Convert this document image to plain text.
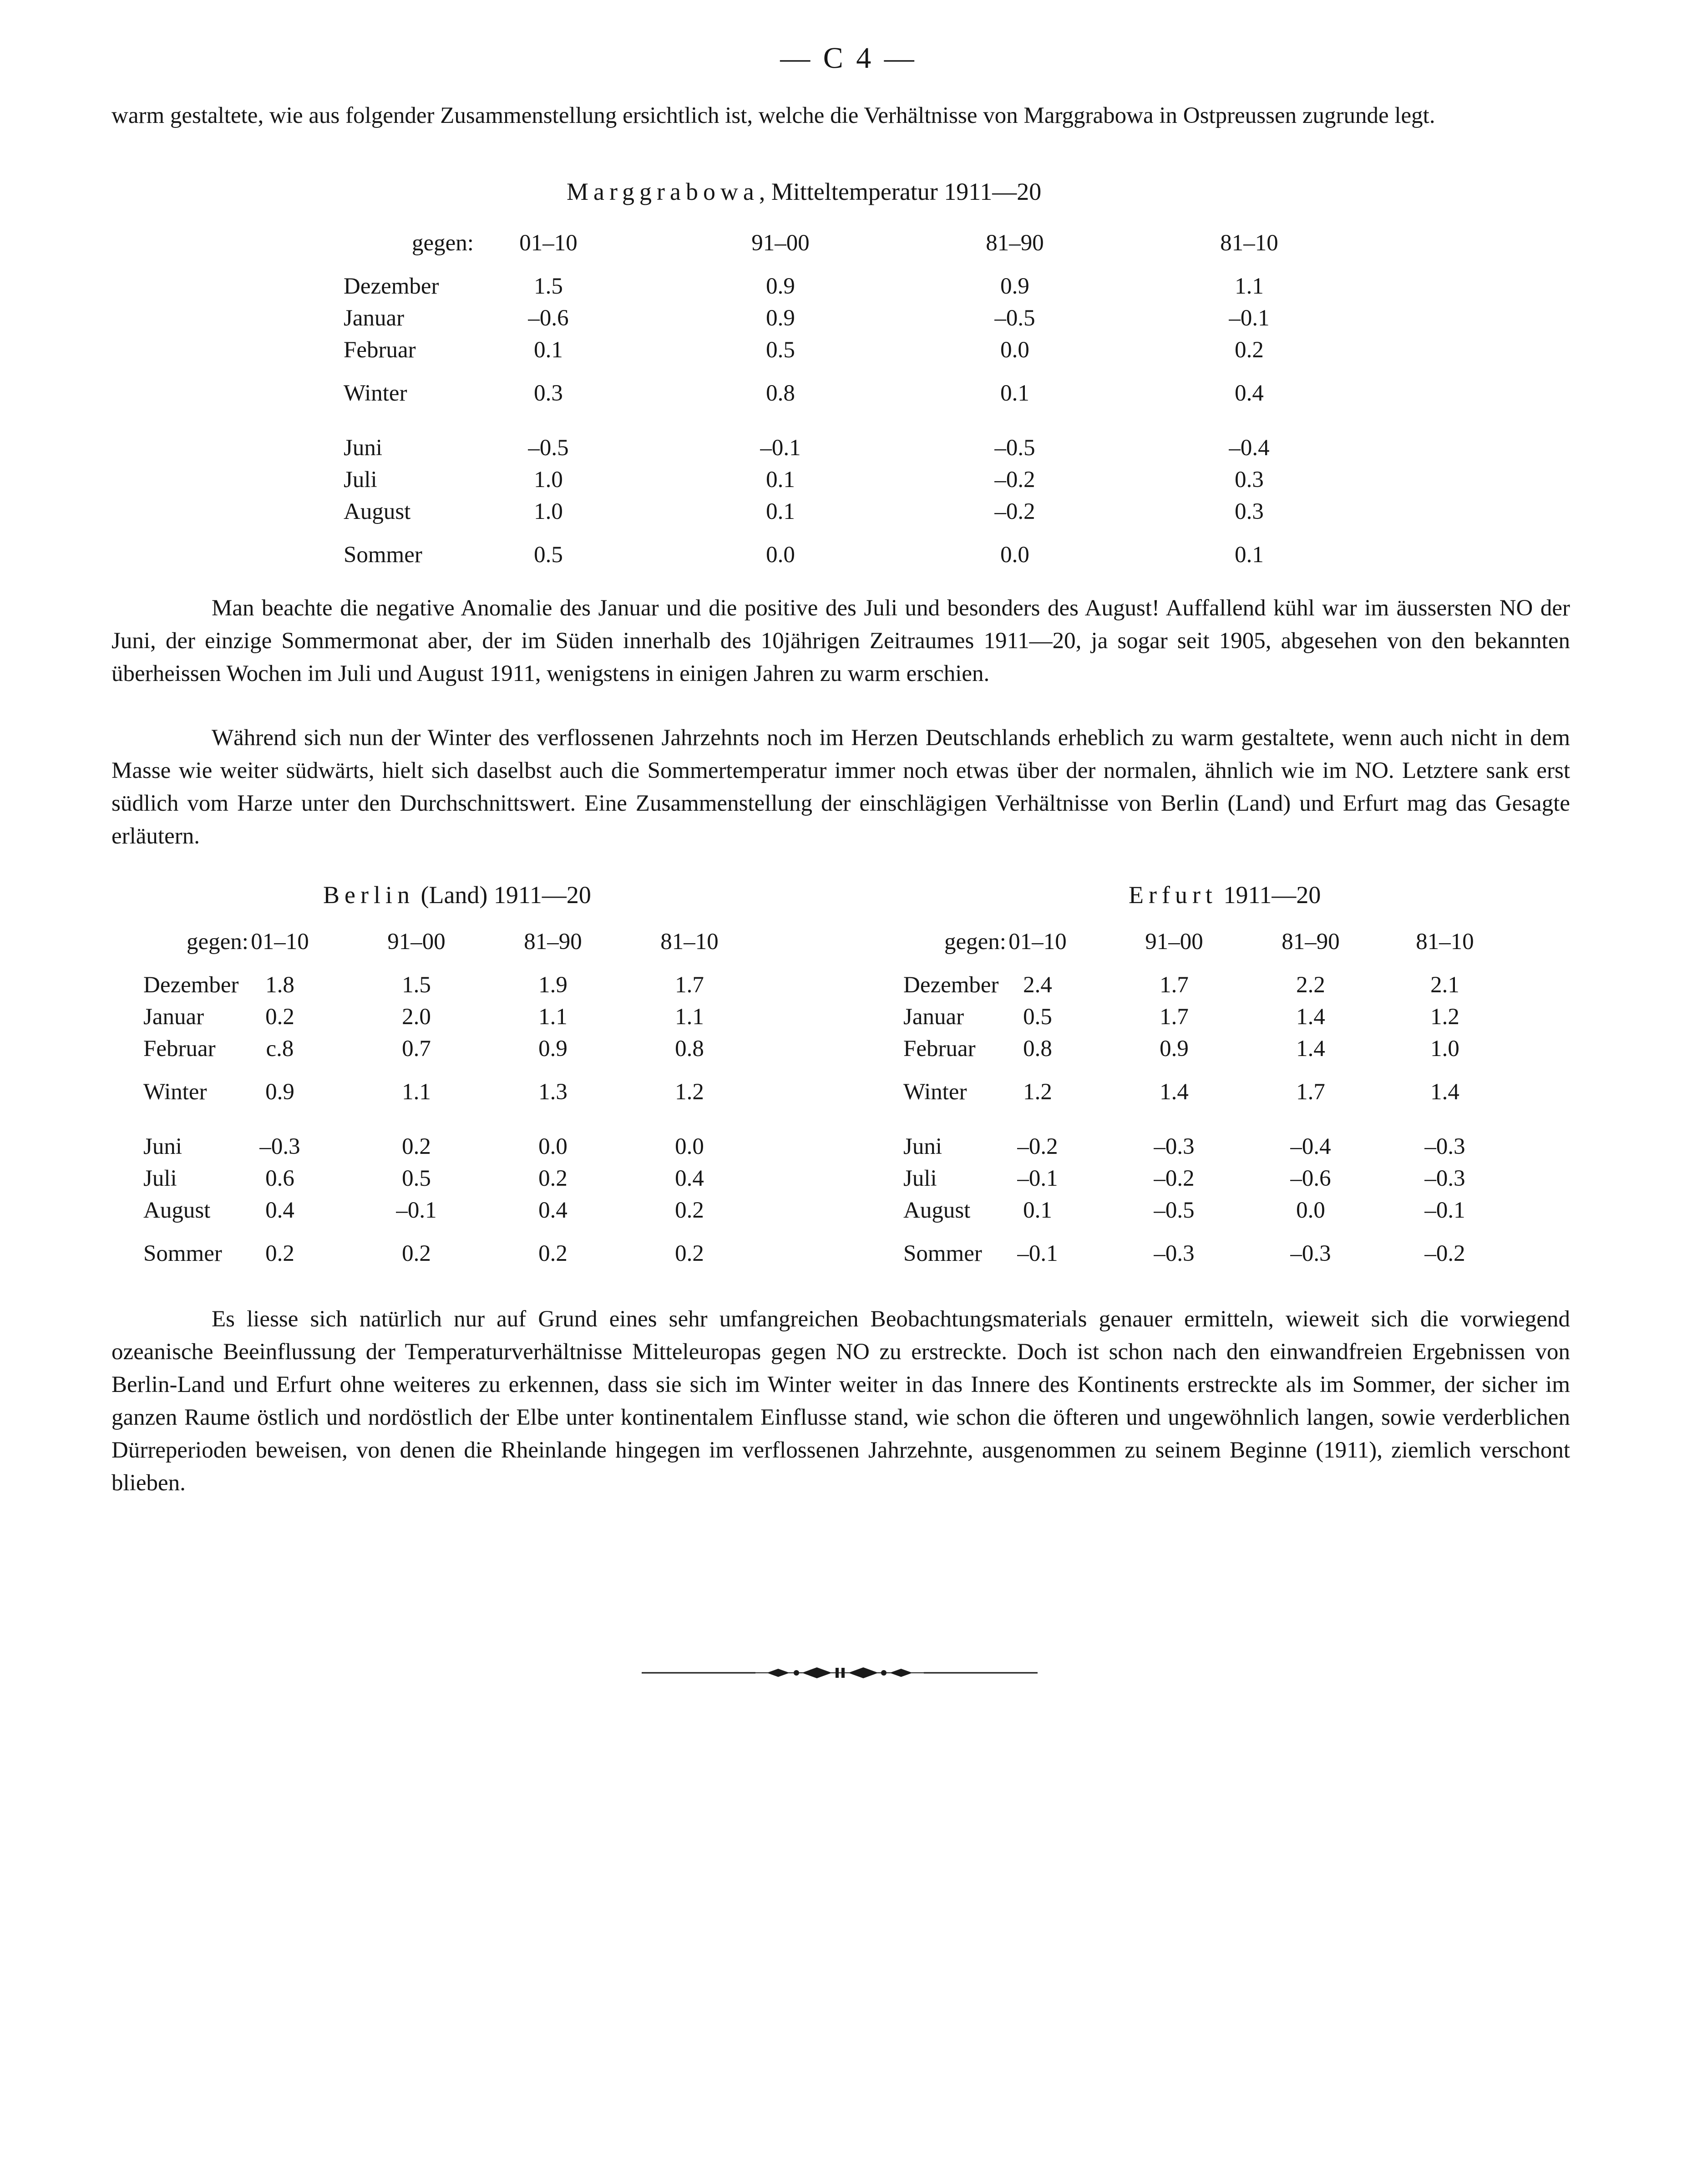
— C 4 —

warm gestaltete, wie aus folgender Zusammenstellung ersichtlich ist, welche die Verhältnisse von Marggrabowa in Ostpreussen zugrunde legt.

Marggrabowa, Mitteltemperatur 1911—20
gegen:	01–10	91–00	81–90	81–10
Dezember	1.5	0.9	0.9	1.1
Januar	–0.6	0.9	–0.5	–0.1
Februar	0.1	0.5	0.0	0.2
Winter	0.3	0.8	0.1	0.4
Juni	–0.5	–0.1	–0.5	–0.4
Juli	1.0	0.1	–0.2	0.3
August	1.0	0.1	–0.2	0.3
Sommer	0.5	0.0	0.0	0.1

Man beachte die negative Anomalie des Januar und die positive des Juli und besonders des August! Auffallend kühl war im äussersten NO der Juni, der einzige Sommermonat aber, der im Süden innerhalb des 10jährigen Zeitraumes 1911—20, ja sogar seit 1905, abgesehen von den bekannten überheissen Wochen im Juli und August 1911, wenigstens in einigen Jahren zu warm erschien.

Während sich nun der Winter des verflossenen Jahrzehnts noch im Herzen Deutschlands erheblich zu warm gestaltete, wenn auch nicht in dem Masse wie weiter südwärts, hielt sich daselbst auch die Sommertemperatur immer noch etwas über der normalen, ähnlich wie im NO. Letztere sank erst südlich vom Harze unter den Durchschnittswert. Eine Zusammenstellung der einschlägigen Verhältnisse von Berlin (Land) und Erfurt mag das Gesagte erläutern.

Berlin (Land) 1911—20
gegen: 01–10	91–00	81–90	81–10
Dezember	1.8	1.5	1.9	1.7
Januar	0.2	2.0	1.1	1.1
Februar	c.8	0.7	0.9	0.8
Winter	0.9	1.1	1.3	1.2
Juni	–0.3	0.2	0.0	0.0
Juli	0.6	0.5	0.2	0.4
August	0.4	–0.1	0.4	0.2
Sommer	0.2	0.2	0.2	0.2
Erfurt 1911—20
gegen: 01–10	91–00	81–90	81–10
Dezember	2.4	1.7	2.2	2.1
Januar	0.5	1.7	1.4	1.2
Februar	0.8	0.9	1.4	1.0
Winter	1.2	1.4	1.7	1.4
Juni	–0.2	–0.3	–0.4	–0.3
Juli	–0.1	–0.2	–0.6	–0.3
August	0.1	–0.5	0.0	–0.1
Sommer	–0.1	–0.3	–0.3	–0.2

Es liesse sich natürlich nur auf Grund eines sehr umfangreichen Beobachtungsmaterials genauer ermitteln, wieweit sich die vorwiegend ozeanische Beeinflussung der Temperaturverhältnisse Mitteleuropas gegen NO zu erstreckte. Doch ist schon nach den einwandfreien Ergebnissen von Berlin-Land und Erfurt ohne weiteres zu erkennen, dass sie sich im Winter weiter in das Innere des Kontinents erstreckte als im Sommer, der sicher im ganzen Raume östlich und nordöstlich der Elbe unter kontinentalem Einflusse stand, wie schon die öfteren und ungewöhnlich langen, sowie verderblichen Dürreperioden beweisen, von denen die Rheinlande hingegen im verflossenen Jahrzehnte, ausgenommen zu seinem Beginne (1911), ziemlich verschont blieben.
